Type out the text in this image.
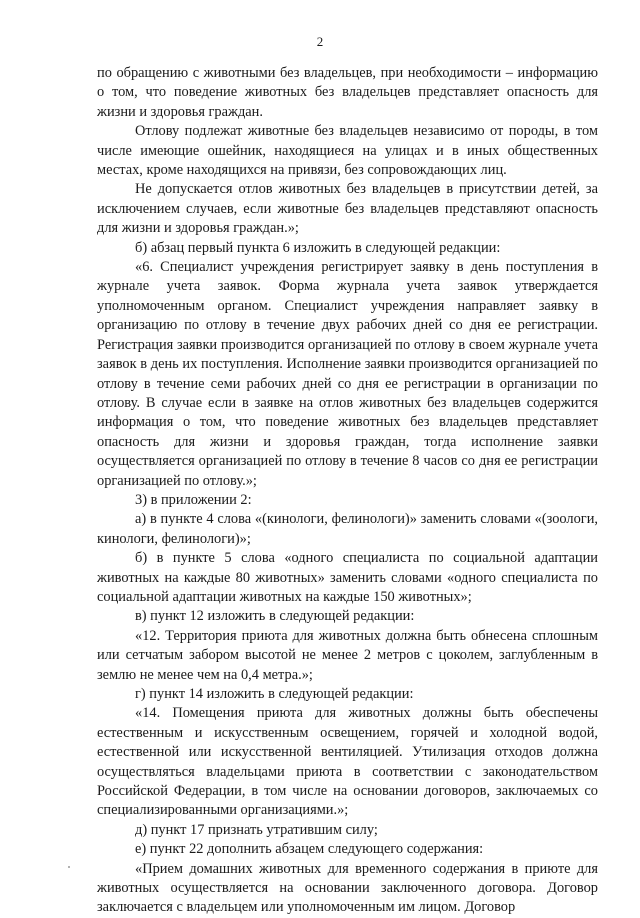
2

по обращению с животными без владельцев, при необходимости – информацию о том, что поведение животных без владельцев представляет опасность для жизни и здоровья граждан.

Отлову подлежат животные без владельцев независимо от породы, в том числе имеющие ошейник, находящиеся на улицах и в иных общественных местах, кроме находящихся на привязи, без сопровождающих лиц.

Не допускается отлов животных без владельцев в присутствии детей, за исключением случаев, если животные без владельцев представляют опасность для жизни и здоровья граждан.»;

б) абзац первый пункта 6 изложить в следующей редакции:

«6. Специалист учреждения регистрирует заявку в день поступления в журнале учета заявок. Форма журнала учета заявок утверждается уполномоченным органом. Специалист учреждения направляет заявку в организацию по отлову в течение двух рабочих дней со дня ее регистрации. Регистрация заявки производится организацией по отлову в своем журнале учета заявок в день их поступления. Исполнение заявки производится организацией по отлову в течение семи рабочих дней со дня ее регистрации в организации по отлову. В случае если в заявке на отлов животных без владельцев содержится информация о том, что поведение животных без владельцев представляет опасность для жизни и здоровья граждан, тогда исполнение заявки осуществляется организацией по отлову в течение 8 часов со дня ее регистрации организацией по отлову.»;

3) в приложении 2:

а) в пункте 4 слова «(кинологи, фелинологи)» заменить словами «(зоологи, кинологи, фелинологи)»;

б) в пункте 5 слова «одного специалиста по социальной адаптации животных на каждые 80 животных» заменить словами «одного специалиста по социальной адаптации животных на каждые 150 животных»;

в) пункт 12 изложить в следующей редакции:

«12. Территория приюта для животных должна быть обнесена сплошным или сетчатым забором высотой не менее 2 метров с цоколем, заглубленным в землю не менее чем на 0,4 метра.»;

г) пункт 14 изложить в следующей редакции:

«14. Помещения приюта для животных должны быть обеспечены естественным и искусственным освещением, горячей и холодной водой, естественной или искусственной вентиляцией. Утилизация отходов должна осуществляться владельцами приюта в соответствии с законодательством Российской Федерации, в том числе на основании договоров, заключаемых со специализированными организациями.»;

д) пункт 17 признать утратившим силу;

е) пункт 22 дополнить абзацем следующего содержания:

«Прием домашних животных для временного содержания в приюте для животных осуществляется на основании заключенного договора. Договор заключается с владельцем или уполномоченным им лицом. Договор
